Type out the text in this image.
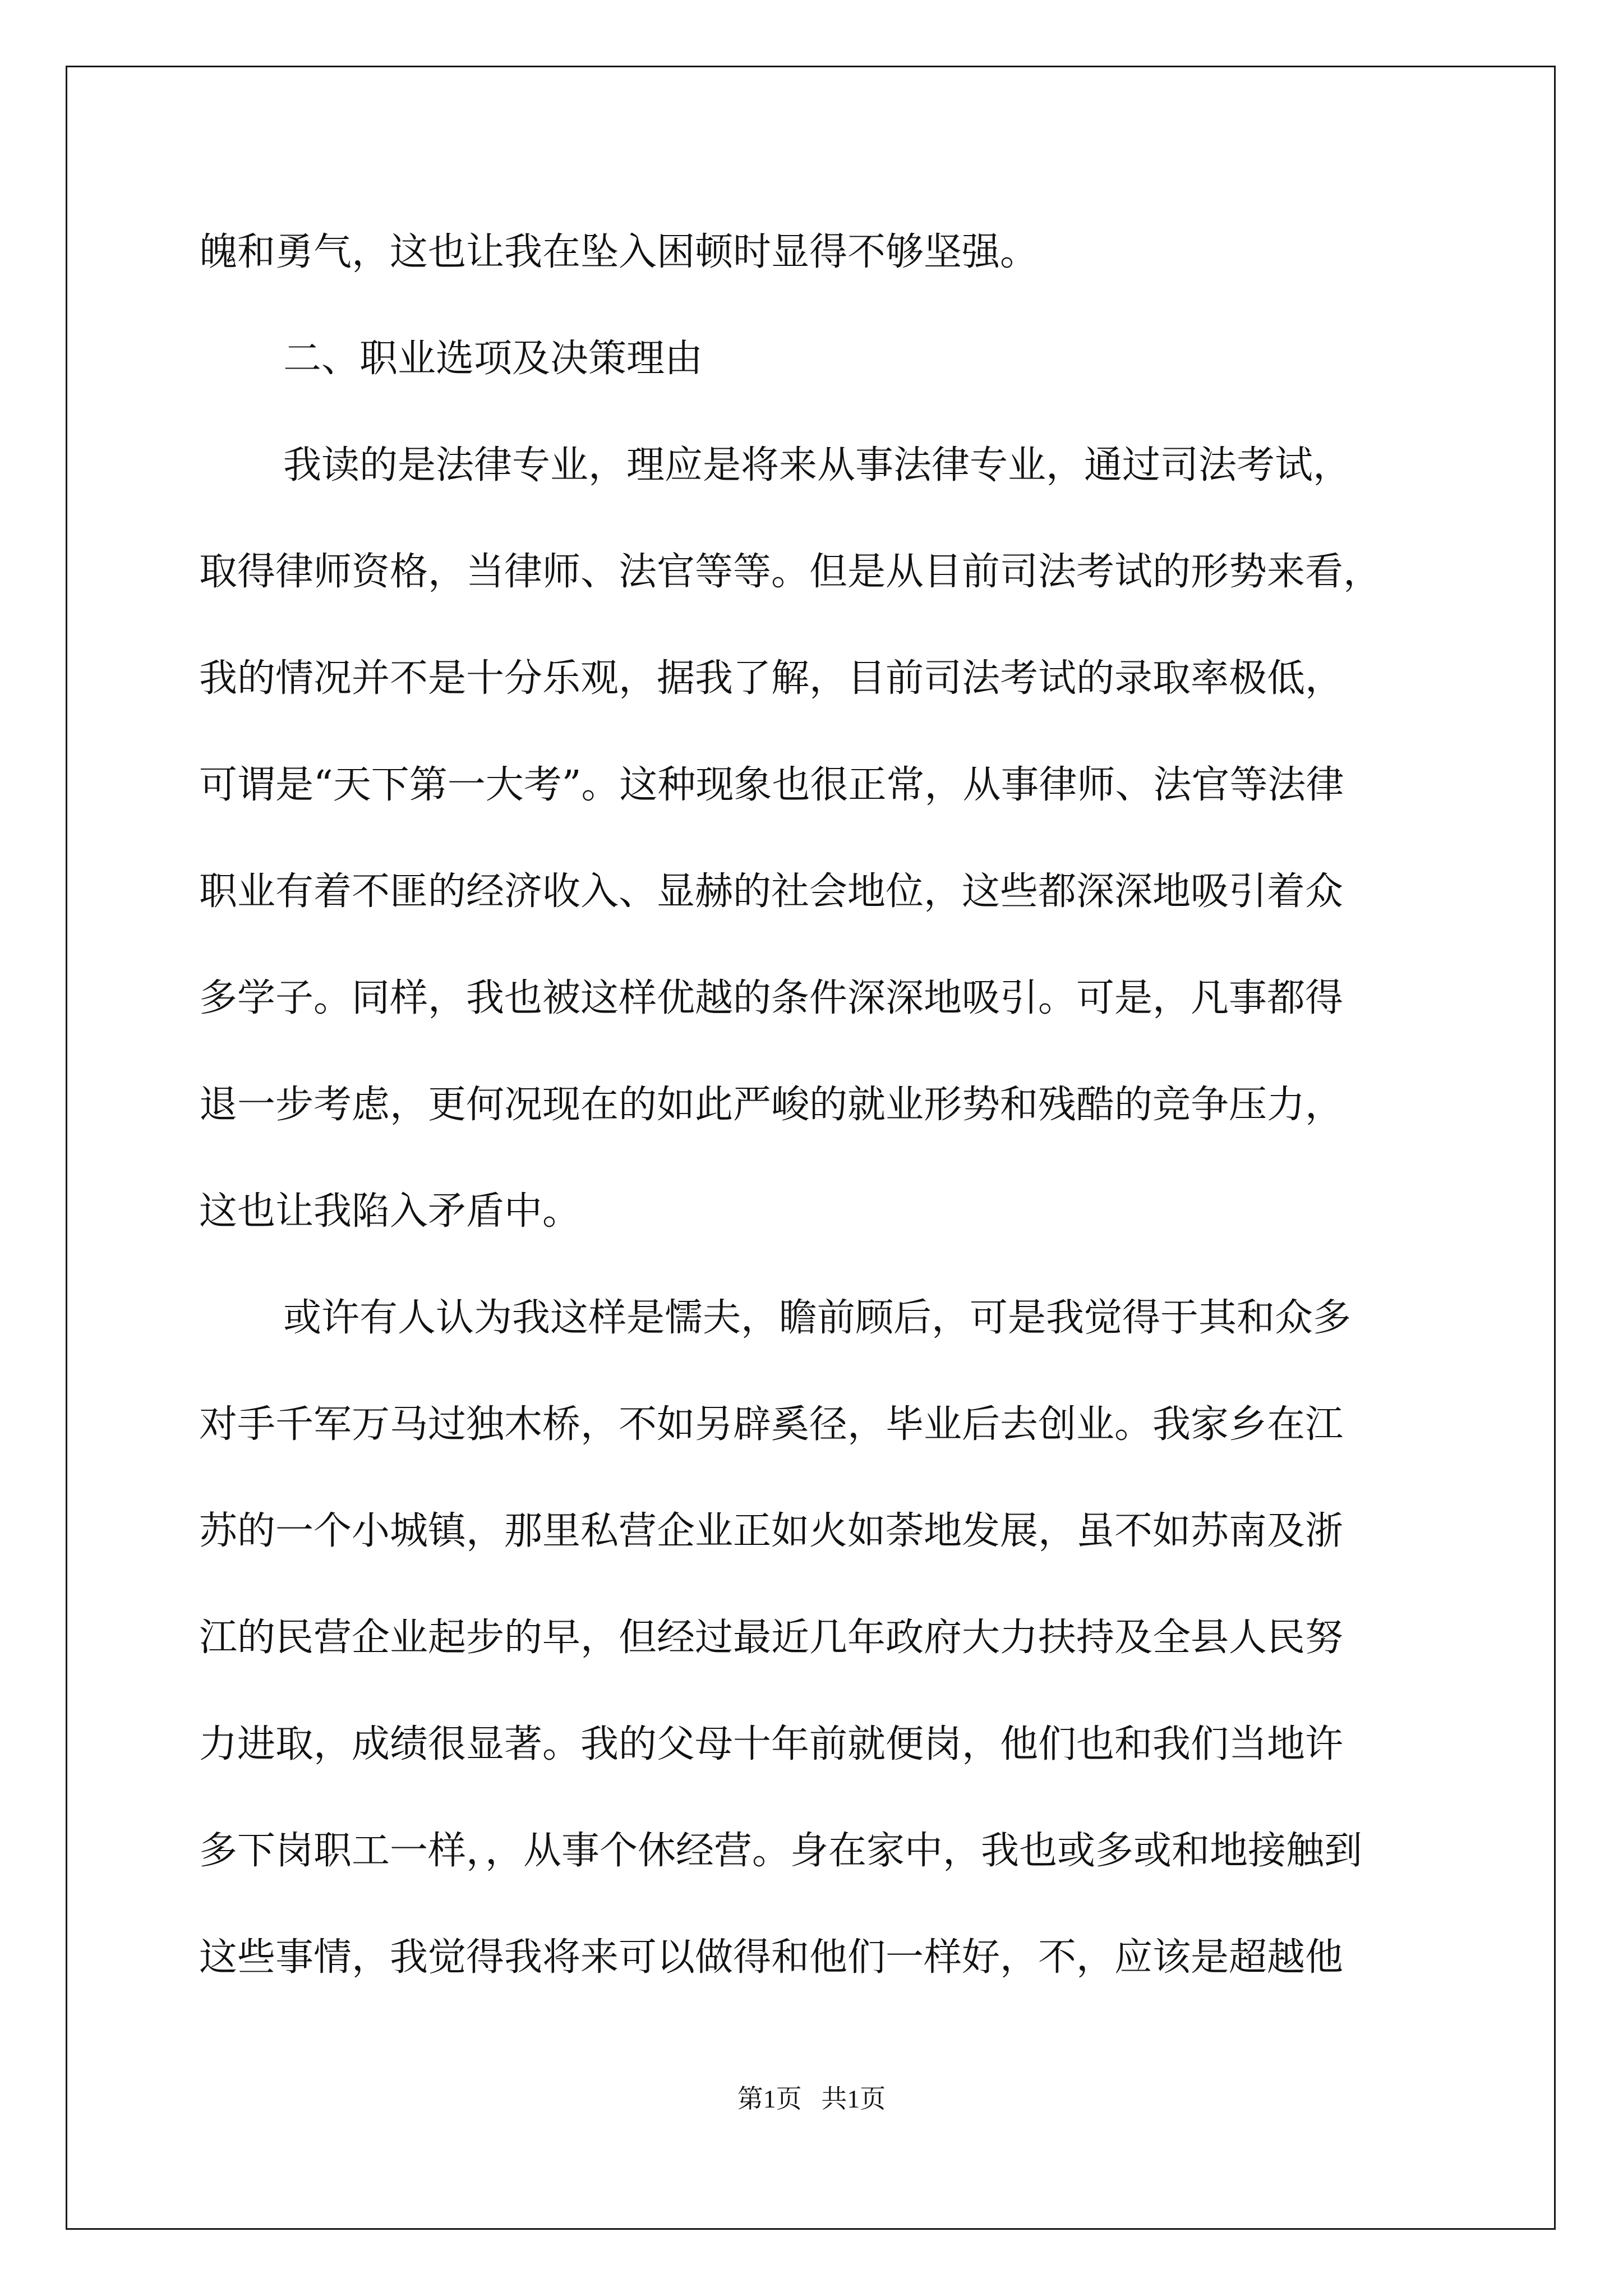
魄和勇气，这也让我在坠入困顿时显得不够坚强。
二、职业选项及决策理由
我读的是法律专业，理应是将来从事法律专业，通过司法考试，
取得律师资格，当律师、法官等等。但是从目前司法考试的形势来看，
我的情况并不是十分乐观，据我了解，目前司法考试的录取率极低，
可谓是“天下第一大考”。这种现象也很正常，从事律师、法官等法律
职业有着不匪的经济收入、显赫的社会地位，这些都深深地吸引着众
多学子。同样，我也被这样优越的条件深深地吸引。可是，凡事都得
退一步考虑，更何况现在的如此严峻的就业形势和残酷的竞争压力，
这也让我陷入矛盾中。
或许有人认为我这样是懦夫，瞻前顾后，可是我觉得于其和众多
对手千军万马过独木桥，不如另辟奚径，毕业后去创业。我家乡在江
苏的一个小城镇，那里私营企业正如火如荼地发展，虽不如苏南及浙
江的民营企业起步的早，但经过最近几年政府大力扶持及全县人民努
力进取，成绩很显著。我的父母十年前就便岗，他们也和我们当地许
多下岗职工一样，，从事个休经营。身在家中，我也或多或和地接触到
这些事情，我觉得我将来可以做得和他们一样好，不，应该是超越他
第1页   共1页
